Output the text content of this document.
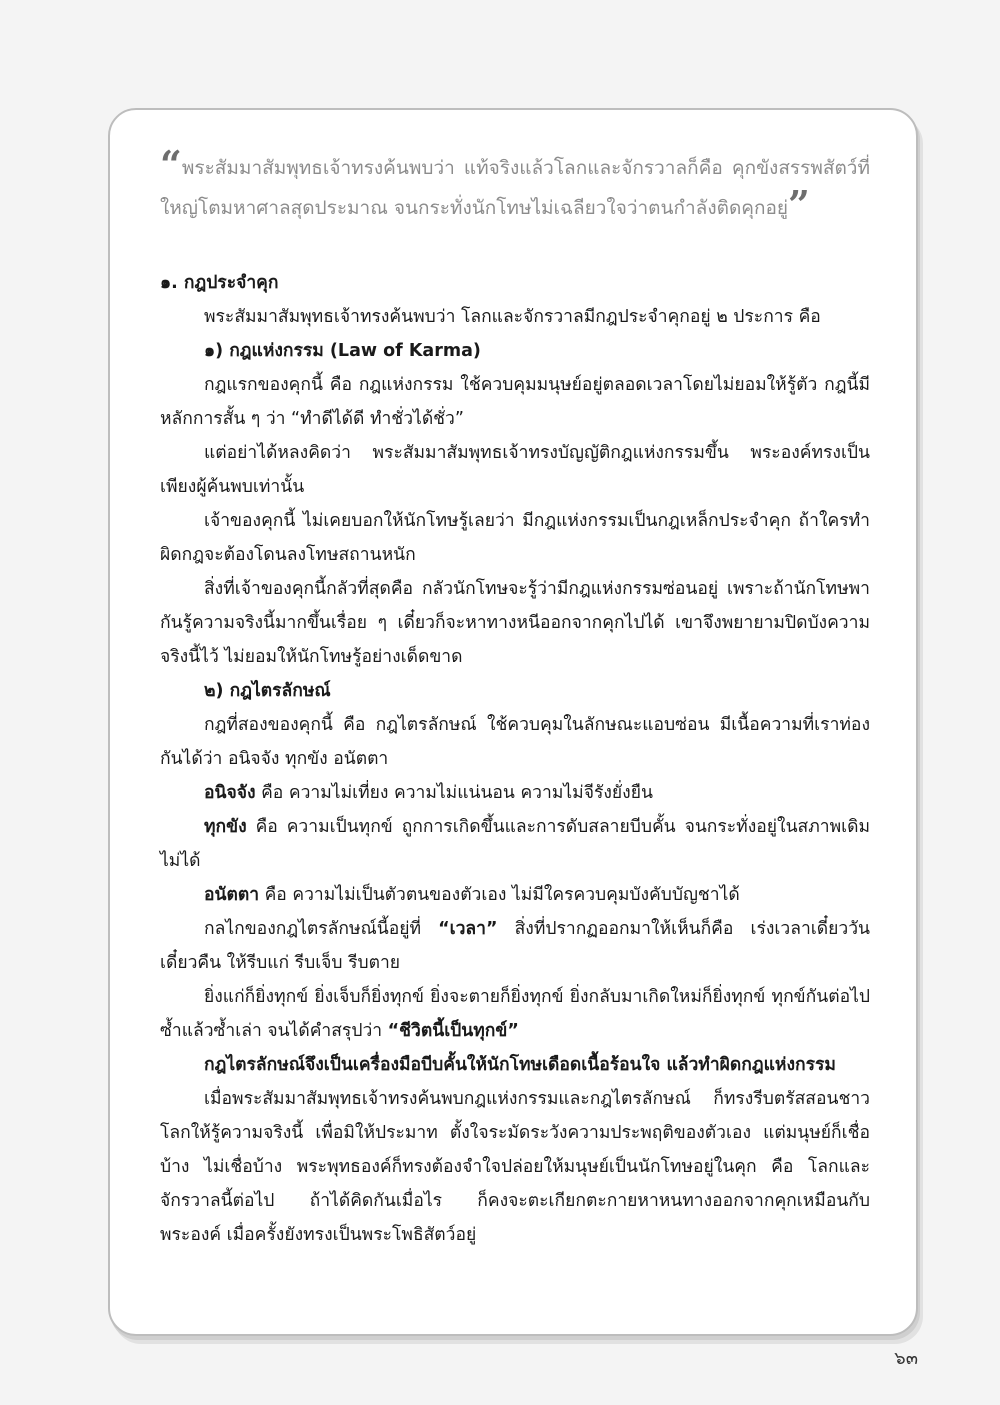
“พระสัมมาสัมพุทธเจ้าทรงค้นพบว่า แท้จริงแล้วโลกและจักรวาลก็คือ คุกขังสรรพสัตว์ที่ใหญ่โตมหาศาลสุดประมาณ จนกระทั่งนักโทษไม่เฉลียวใจว่าตนกำลังติดคุกอยู่”
๑. กฎประจำคุก

พระสัมมาสัมพุทธเจ้าทรงค้นพบว่า โลกและจักรวาลมีกฎประจำคุกอยู่ ๒ ประการ คือ

๑) กฎแห่งกรรม (Law of Karma)

กฎแรกของคุกนี้ คือ กฎแห่งกรรม ใช้ควบคุมมนุษย์อยู่ตลอดเวลาโดยไม่ยอมให้รู้ตัว กฎนี้มีหลักการสั้น ๆ ว่า “ทำดีได้ดี ทำชั่วได้ชั่ว”

แต่อย่าได้หลงคิดว่า พระสัมมาสัมพุทธเจ้าทรงบัญญัติกฎแห่งกรรมขึ้น พระองค์ทรงเป็นเพียงผู้ค้นพบเท่านั้น

เจ้าของคุกนี้ ไม่เคยบอกให้นักโทษรู้เลยว่า มีกฎแห่งกรรมเป็นกฎเหล็กประจำคุก ถ้าใครทำผิดกฎจะต้องโดนลงโทษสถานหนัก

สิ่งที่เจ้าของคุกนี้กลัวที่สุดคือ กลัวนักโทษจะรู้ว่ามีกฎแห่งกรรมซ่อนอยู่ เพราะถ้านักโทษพากันรู้ความจริงนี้มากขึ้นเรื่อย ๆ เดี๋ยวก็จะหาทางหนีออกจากคุกไปได้ เขาจึงพยายามปิดบังความจริงนี้ไว้ ไม่ยอมให้นักโทษรู้อย่างเด็ดขาด

๒) กฎไตรลักษณ์

กฎที่สองของคุกนี้ คือ กฎไตรลักษณ์ ใช้ควบคุมในลักษณะแอบซ่อน มีเนื้อความที่เราท่องกันได้ว่า อนิจจัง ทุกขัง อนัตตา

อนิจจัง คือ ความไม่เที่ยง ความไม่แน่นอน ความไม่จีรังยั่งยืน

ทุกขัง คือ ความเป็นทุกข์ ถูกการเกิดขึ้นและการดับสลายบีบคั้น จนกระทั่งอยู่ในสภาพเดิมไม่ได้

อนัตตา คือ ความไม่เป็นตัวตนของตัวเอง ไม่มีใครควบคุมบังคับบัญชาได้

กลไกของกฎไตรลักษณ์นี้อยู่ที่ “เวลา” สิ่งที่ปรากฏออกมาให้เห็นก็คือ เร่งเวลาเดี๋ยววันเดี๋ยวคืน ให้รีบแก่ รีบเจ็บ รีบตาย

ยิ่งแก่ก็ยิ่งทุกข์ ยิ่งเจ็บก็ยิ่งทุกข์ ยิ่งจะตายก็ยิ่งทุกข์ ยิ่งกลับมาเกิดใหม่ก็ยิ่งทุกข์ ทุกข์กันต่อไปซ้ำแล้วซ้ำเล่า จนได้คำสรุปว่า “ชีวิตนี้เป็นทุกข์”

กฎไตรลักษณ์จึงเป็นเครื่องมือบีบคั้นให้นักโทษเดือดเนื้อร้อนใจ แล้วทำผิดกฎแห่งกรรม

เมื่อพระสัมมาสัมพุทธเจ้าทรงค้นพบกฎแห่งกรรมและกฎไตรลักษณ์ ก็ทรงรีบตรัสสอนชาวโลกให้รู้ความจริงนี้ เพื่อมิให้ประมาท ตั้งใจระมัดระวังความประพฤติของตัวเอง แต่มนุษย์ก็เชื่อบ้าง ไม่เชื่อบ้าง พระพุทธองค์ก็ทรงต้องจำใจปล่อยให้มนุษย์เป็นนักโทษอยู่ในคุก คือ โลกและจักรวาลนี้ต่อไป ถ้าได้คิดกันเมื่อไร ก็คงจะตะเกียกตะกายหาหนทางออกจากคุกเหมือนกับพระองค์ เมื่อครั้งยังทรงเป็นพระโพธิสัตว์อยู่

๖๓
